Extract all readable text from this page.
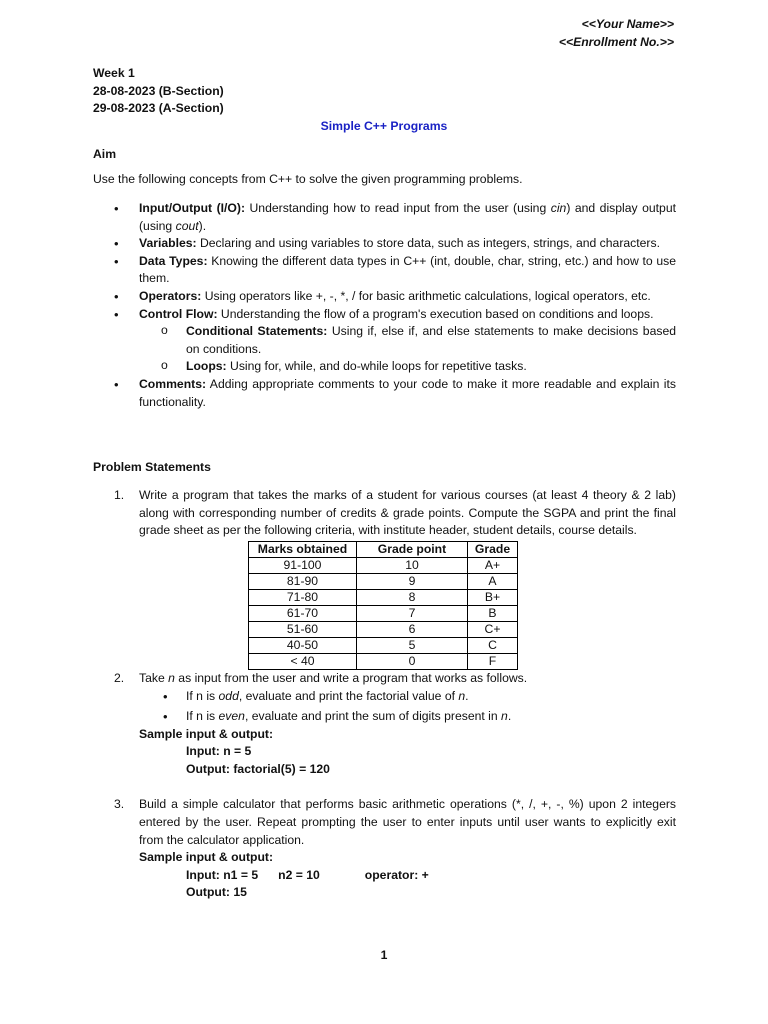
<<Your Name>>
<<Enrollment No.>>
Week 1
28-08-2023 (B-Section)
29-08-2023 (A-Section)
Simple C++ Programs
Aim
Use the following concepts from C++ to solve the given programming problems.
• Input/Output (I/O): Understanding how to read input from the user (using cin) and display output (using cout).
• Variables: Declaring and using variables to store data, such as integers, strings, and characters.
• Data Types: Knowing the different data types in C++ (int, double, char, string, etc.) and how to use them.
• Operators: Using operators like +, -, *, / for basic arithmetic calculations, logical operators, etc.
• Control Flow: Understanding the flow of a program's execution based on conditions and loops.
o Conditional Statements: Using if, else if, and else statements to make decisions based on conditions.
o Loops: Using for, while, and do-while loops for repetitive tasks.
• Comments: Adding appropriate comments to your code to make it more readable and explain its functionality.
Problem Statements
1. Write a program that takes the marks of a student for various courses (at least 4 theory & 2 lab) along with corresponding number of credits & grade points. Compute the SGPA and print the final grade sheet as per the following criteria, with institute header, student details, course details.
Marks obtained	Grade point	Grade
91-100	10	A+
81-90	9	A
71-80	8	B+
61-70	7	B
51-60	6	C+
40-50	5	C
< 40	0	F
2. Take n as input from the user and write a program that works as follows.
• If n is odd, evaluate and print the factorial value of n.
• If n is even, evaluate and print the sum of digits present in n.
Sample input & output:
Input: n = 5
Output: factorial(5) = 120
3. Build a simple calculator that performs basic arithmetic operations (*, /, +, -, %) upon 2 integers entered by the user. Repeat prompting the user to enter inputs until user wants to explicitly exit from the calculator application.
Sample input & output:
Input: n1 = 5 n2 = 10	operator: +
Output: 15
1
